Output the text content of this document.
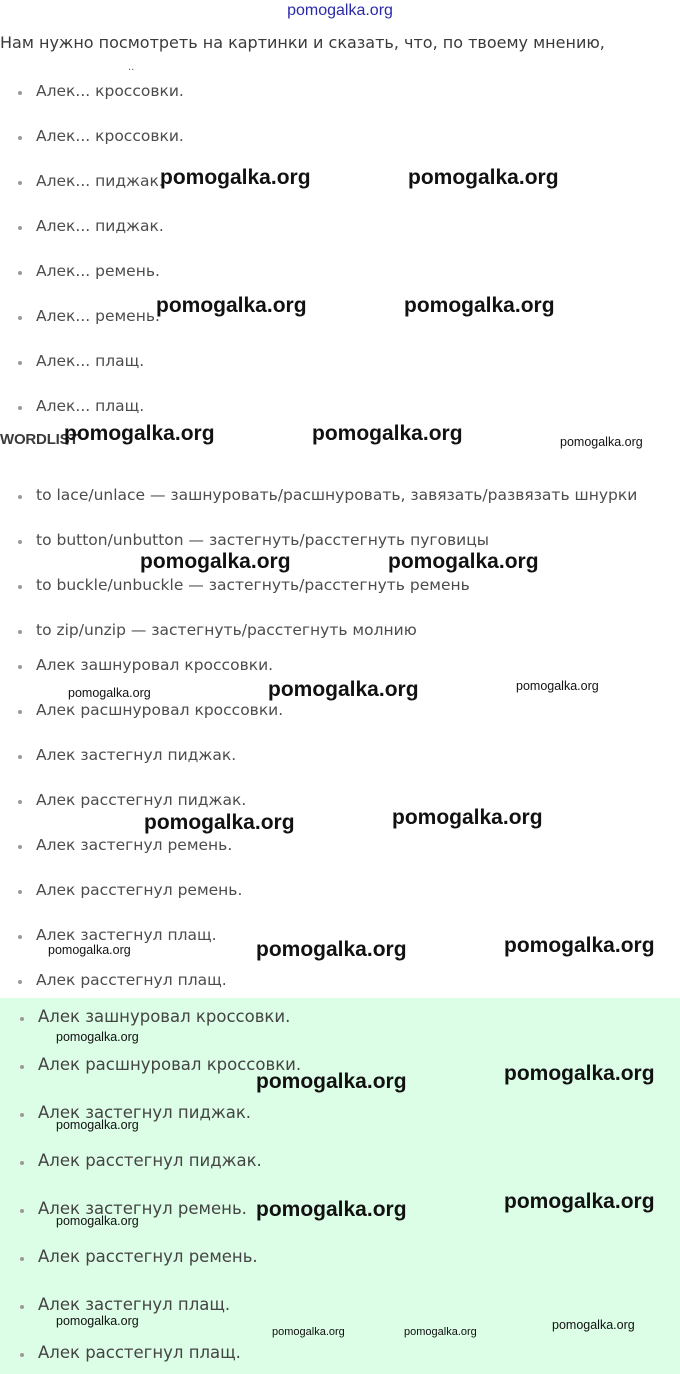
pomogalka.org
Нам нужно посмотреть на картинки и сказать, что, по твоему мнению,
..
Алек... кроссовки.
Алек... кроссовки.
Алек... пиджак.
Алек... пиджак.
Алек... ремень.
Алек... ремень.
Алек... плащ.
Алек... плащ.
WORDLIST
to lace/unlace — зашнуровать/расшнуровать, завязать/развязать шнурки
to button/unbutton — застегнуть/расстегнуть пуговицы
to buckle/unbuckle — застегнуть/расстегнуть ремень
to zip/unzip — застегнуть/расстегнуть молнию
Алек зашнуровал кроссовки.
Алек расшнуровал кроссовки.
Алек застегнул пиджак.
Алек расстегнул пиджак.
Алек застегнул ремень.
Алек расстегнул ремень.
Алек застегнул плащ.
Алек расстегнул плащ.
Алек зашнуровал кроссовки.
Алек расшнуровал кроссовки.
Алек застегнул пиджак.
Алек расстегнул пиджак.
Алек застегнул ремень.
Алек расстегнул ремень.
Алек застегнул плащ.
Алек расстегнул плащ.
pomogalka.org	pomogalka.org
pomogalka.org	pomogalka.org
pomogalka.org	pomogalka.org	pomogalka.org
pomogalka.org	pomogalka.org
pomogalka.org	pomogalka.org	pomogalka.org
pomogalka.org	pomogalka.org
pomogalka.org	pomogalka.org	pomogalka.org
pomogalka.org
pomogalka.org	pomogalka.org
pomogalka.org
pomogalka.org	pomogalka.org
pomogalka.org
pomogalka.org
pomogalka.org	pomogalka.org	pomogalka.org
